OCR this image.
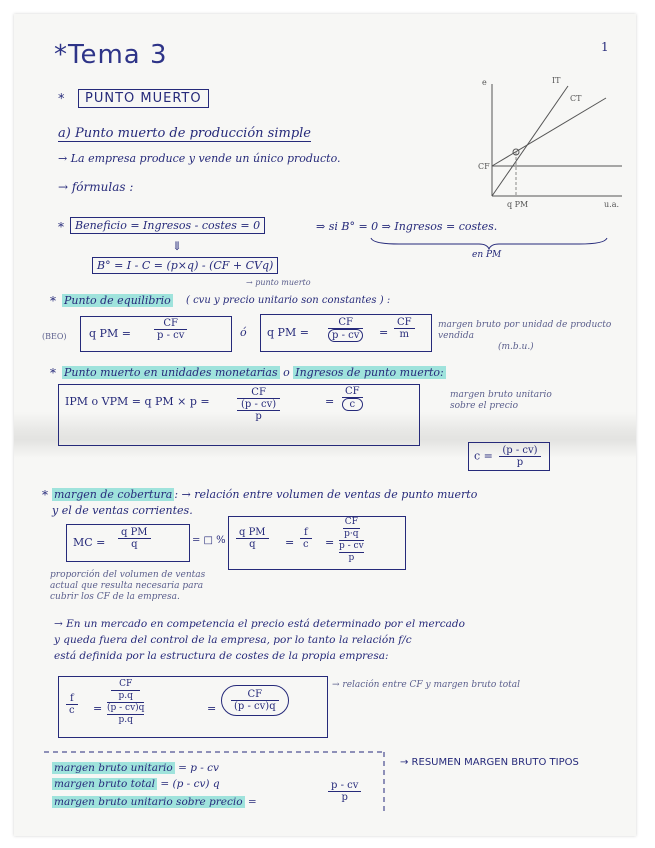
1
*Tema 3
*	PUNTO MUERTO
a) Punto muerto de producción simple
→ La empresa produce y vende un único producto.
→ fórmulas :
IT
CT
e
CF
q PM	u.a.
*	Beneficio = Ingresos - costes = 0	⇒ si B° = 0 ⇒ Ingresos = costes.
en PM
⇓
B° = I - C = (p×q) - (CF + CVq)
→ punto muerto
* Punto de equilibrio ( cvu y precio unitario son constantes ) :
(BEO) q PM = $\frac{CF}{p - cv}$	ó q PM = $\frac{CF}{p - cv} = \frac{CF}{m}$	margen bruto por unidad de producto vendida
(m.b.u.)
* Punto muerto en unidades monetarias o Ingresos de punto muerto:
IPM o VPM = q PM × p =
CF
(p - cv)
p
= $\frac{CF}{c}$	margen bruto unitario sobre el precio
$c = \frac{(p - cv)}{p}$
* margen de cobertura : → relación entre volumen de ventas de punto muerto
y el de ventas corrientes.
MC = $\frac{\text{q PM}}{q}$	= □ % $\frac{\text{q PM}}{q} = \frac{f}{c}$ =
CF
p·q
p - cv
p
proporción del volumen de ventas actual que resulta necesaria para cubrir los CF de la empresa.
→ En un mercado en competencia el precio está determinado por el mercado
y queda fuera del control de la empresa, por lo tanto la relación f/c
está definida por la estructura de costes de la propia empresa:
$\frac{f}{c}$ =
CF
p.q
(p - cv)q
p.q
= $\frac{CF}{(p - cv)q}$
→ relación entre CF y margen bruto total
margen bruto unitario = p - cv
margen bruto total = (p - cv) q
margen bruto unitario sobre precio =
p - cv
p
→ RESUMEN MARGEN BRUTO TIPOS
